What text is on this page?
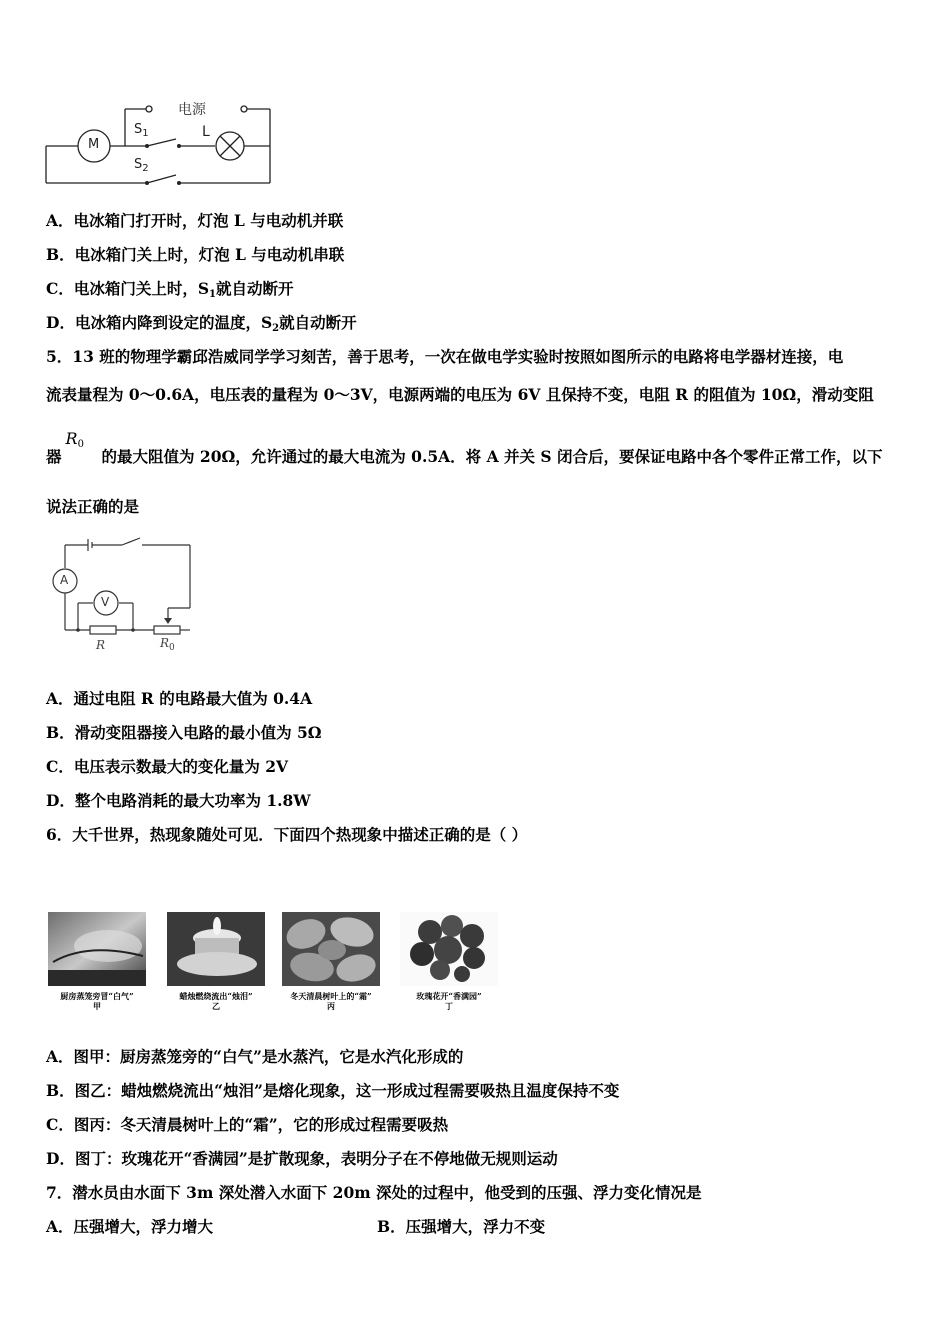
电源
M
$S_1$	L
$S_2$
A．电冰箱门打开时，灯泡 L 与电动机并联
B．电冰箱门关上时，灯泡 L 与电动机串联
C．电冰箱门关上时，$S_1$就自动断开
D．电冰箱内降到设定的温度，$S_2$就自动断开
5．13 班的物理学霸邱浩威同学学习刻苦，善于思考，一次在做电学实验时按照如图所示的电路将电学器材连接，电
流表量程为 0～0.6A，电压表的量程为 0～3V，电源两端的电压为 6V 且保持不变，电阻 R 的阻值为 10Ω，滑动变阻
器
$R_0$
的最大阻值为 20Ω，允许通过的最大电流为 0.5A．将 A 并关 S 闭合后，要保证电路中各个零件正常工作，以下
说法正确的是
A
V
R	$R_0$
A．通过电阻 R 的电路最大值为 0.4A
B．滑动变阻器接入电路的最小值为 5Ω
C．电压表示数最大的变化量为 2V
D．整个电路消耗的最大功率为 1.8W
6．大千世界，热现象随处可见．下面四个热现象中描述正确的是（ ）
厨房蒸笼旁冒“白气”
甲
蜡烛燃烧流出“烛泪”
乙
冬天清晨树叶上的“霜”
丙
玫瑰花开“香满园”
丁
A．图甲：厨房蒸笼旁的“白气”是水蒸汽，它是水汽化形成的
B．图乙：蜡烛燃烧流出“烛泪”是熔化现象，这一形成过程需要吸热且温度保持不变
C．图丙：冬天清晨树叶上的“霜”，它的形成过程需要吸热
D．图丁：玫瑰花开“香满园”是扩散现象，表明分子在不停地做无规则运动
7．潜水员由水面下 3m 深处潜入水面下 20m 深处的过程中，他受到的压强、浮力变化情况是
A．压强增大，浮力增大	B．压强增大，浮力不变
